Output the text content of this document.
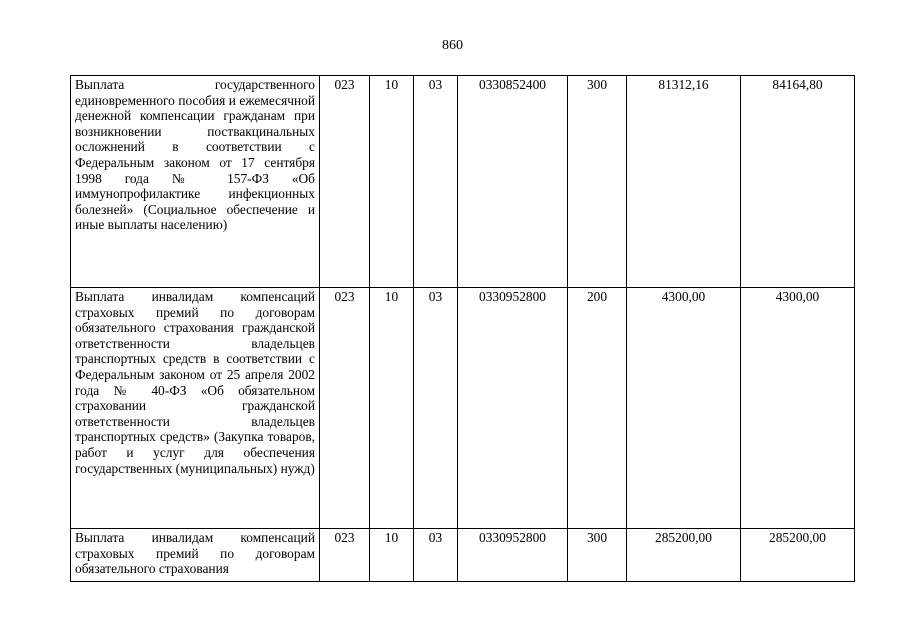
860
Выплата государственного единовременного пособия и ежемесячной денежной компенсации гражданам при возникновении поствакцинальных осложнений в соответствии с Федеральным законом от 17 сентября 1998 года № 157-ФЗ «Об иммунопрофилактике инфекционных болезней» (Социальное обеспечение и иные выплаты населению)	023	10	03	0330852400	300	81312,16	84164,80
Выплата инвалидам компенсаций страховых премий по договорам обязательного страхования гражданской ответственности владельцев транспортных средств в соответствии с Федеральным законом от 25 апреля 2002 года № 40-ФЗ «Об обязательном страховании гражданской ответственности владельцев транспортных средств» (Закупка товаров, работ и услуг для обеспечения государственных (муниципальных) нужд)	023	10	03	0330952800	200	4300,00	4300,00
Выплата инвалидам компенсаций страховых премий по договорам обязательного страхования	023	10	03	0330952800	300	285200,00	285200,00
